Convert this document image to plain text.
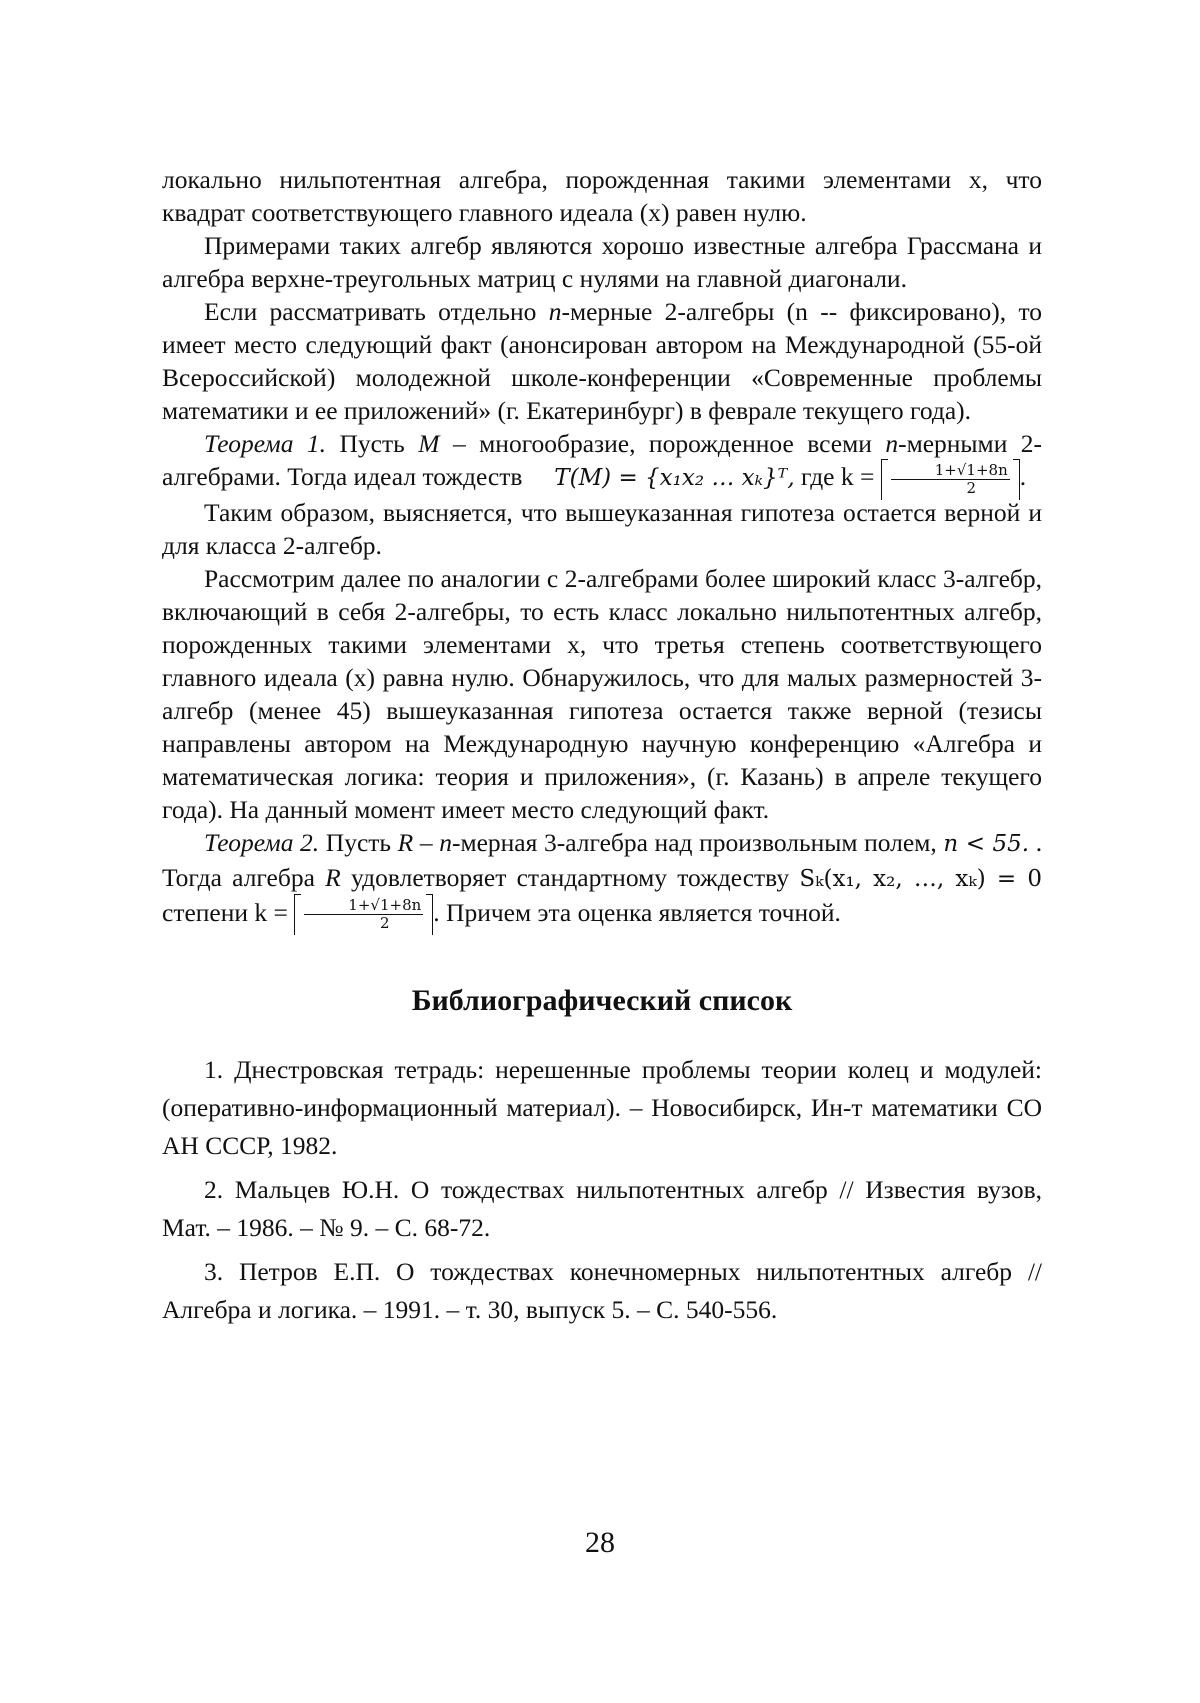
локально нильпотентная алгебра, порожденная такими элементами x, что квадрат соответствующего главного идеала (x) равен нулю.

Примерами таких алгебр являются хорошо известные алгебра Грассмана и алгебра верхне-треугольных матриц с нулями на главной диагонали.

Если рассматривать отдельно n-мерные 2-алгебры (n -- фиксировано), то имеет место следующий факт (анонсирован автором на Международной (55-ой Всероссийской) молодежной школе-конференции «Современные проблемы математики и ее приложений» (г. Екатеринбург) в феврале текущего года).

Теорема 1. Пусть M – многообразие, порожденное всеми n-мерными 2-алгебрами. Тогда идеал тождеств T(M) = {x₁x₂ … xₖ}ᵀ, где $k = \frac{1+√1+8n}{2}$ .

Таким образом, выясняется, что вышеуказанная гипотеза остается верной и для класса 2-алгебр.

Рассмотрим далее по аналогии с 2-алгебрами более широкий класс 3-алгебр, включающий в себя 2-алгебры, то есть класс локально нильпотентных алгебр, порожденных такими элементами x, что третья степень соответствующего главного идеала (x) равна нулю. Обнаружилось, что для малых размерностей 3-алгебр (менее 45) вышеуказанная гипотеза остается также верной (тезисы направлены автором на Международную научную конференцию «Алгебра и математическая логика: теория и приложения», (г. Казань) в апреле текущего года). На данный момент имеет место следующий факт.

Теорема 2. Пусть R – n-мерная 3-алгебра над произвольным полем, n < 55. . Тогда алгебра R удовлетворяет стандартному тождеству Sₖ(x₁, x₂, …, xₖ) = 0 степени $k = \frac{1+√1+8n}{2}$ . Причем эта оценка является точной.

Библиографический список

1. Днестровская тетрадь: нерешенные проблемы теории колец и модулей: (оперативно-информационный материал). – Новосибирск, Ин-т математики СО АН СССР, 1982.

2. Мальцев Ю.Н. О тождествах нильпотентных алгебр // Известия вузов, Мат. – 1986. – № 9. – С. 68-72.

3. Петров Е.П. О тождествах конечномерных нильпотентных алгебр // Алгебра и логика. – 1991. – т. 30, выпуск 5. – С. 540-556.

28
